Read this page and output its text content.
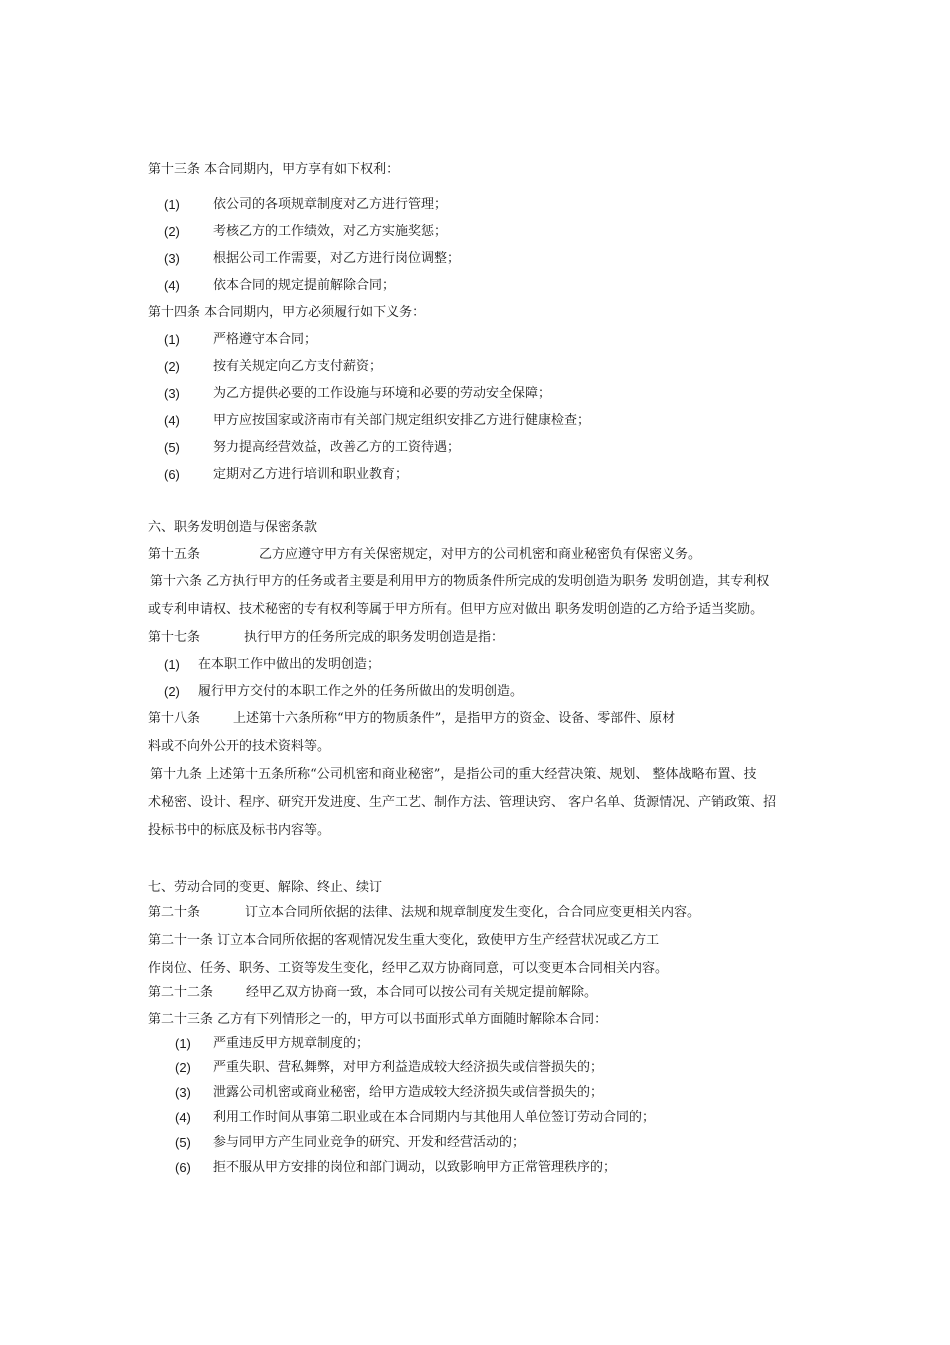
第十三条 本合同期内，甲方享有如下权利：
(1)	依公司的各项规章制度对乙方进行管理；
(2)	考核乙方的工作绩效，对乙方实施奖惩；
(3)	根据公司工作需要，对乙方进行岗位调整；
(4)	依本合同的规定提前解除合同；
第十四条 本合同期内，甲方必须履行如下义务：
(1)	严格遵守本合同；
(2)	按有关规定向乙方支付薪资；
(3)	为乙方提供必要的工作设施与环境和必要的劳动安全保障；
(4)	甲方应按国家或济南市有关部门规定组织安排乙方进行健康检查；
(5)	努力提高经营效益，改善乙方的工资待遇；
(6)	定期对乙方进行培训和职业教育；
六、职务发明创造与保密条款
第十五条	乙方应遵守甲方有关保密规定，对甲方的公司机密和商业秘密负有保密义务。
第十六条 乙方执行甲方的任务或者主要是利用甲方的物质条件所完成的发明创造为职务 发明创造，其专利权
或专利申请权、技术秘密的专有权利等属于甲方所有。但甲方应对做出 职务发明创造的乙方给予适当奖励。
第十七条	执行甲方的任务所完成的职务发明创造是指：
(1) 在本职工作中做出的发明创造；
(2) 履行甲方交付的本职工作之外的任务所做出的发明创造。
第十八条	上述第十六条所称“甲方的物质条件”，是指甲方的资金、设备、零部件、原材
料或不向外公开的技术资料等。
第十九条 上述第十五条所称“公司机密和商业秘密”，是指公司的重大经营决策、规划、 整体战略布置、技
术秘密、设计、程序、研究开发进度、生产工艺、制作方法、管理诀窍、 客户名单、货源情况、产销政策、招
投标书中的标底及标书内容等。
七、劳动合同的变更、解除、终止、续订
第二十条	订立本合同所依据的法律、法规和规章制度发生变化，合合同应变更相关内容。
第二十一条 订立本合同所依据的客观情况发生重大变化，致使甲方生产经营状况或乙方工
作岗位、任务、职务、工资等发生变化，经甲乙双方协商同意，可以变更本合同相关内容。
第二十二条	经甲乙双方协商一致，本合同可以按公司有关规定提前解除。
第二十三条 乙方有下列情形之一的，甲方可以书面形式单方面随时解除本合同：
(1) 严重违反甲方规章制度的；
(2) 严重失职、营私舞弊，对甲方利益造成较大经济损失或信誉损失的；
(3) 泄露公司机密或商业秘密，给甲方造成较大经济损失或信誉损失的；
(4) 利用工作时间从事第二职业或在本合同期内与其他用人单位签订劳动合同的；
(5) 参与同甲方产生同业竞争的研究、开发和经营活动的；
(6) 拒不服从甲方安排的岗位和部门调动，以致影响甲方正常管理秩序的；
